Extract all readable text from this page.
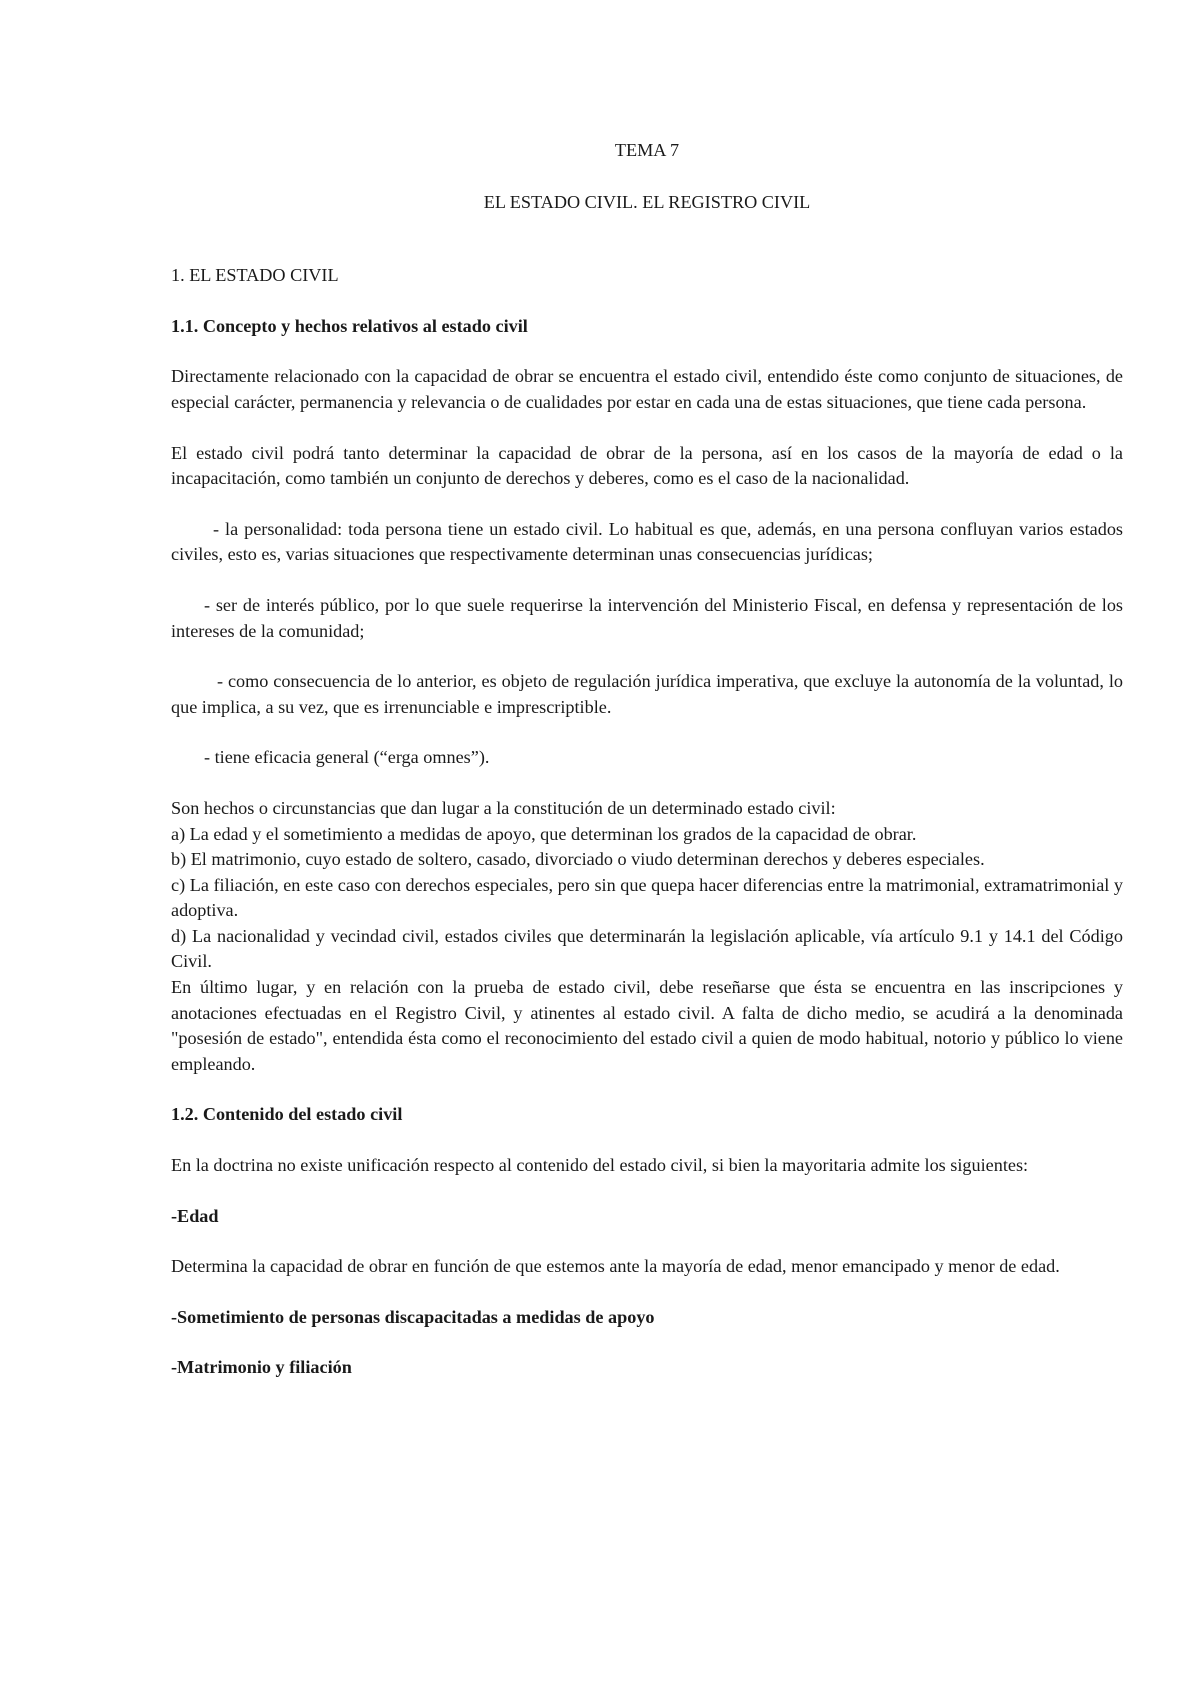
TEMA 7

EL ESTADO CIVIL. EL REGISTRO CIVIL

1. EL ESTADO CIVIL

1.1. Concepto y hechos relativos al estado civil

Directamente relacionado con la capacidad de obrar se encuentra el estado civil, entendido éste como conjunto de situaciones, de especial carácter, permanencia y relevancia o de cualidades por estar en cada una de estas situaciones, que tiene cada persona.

El estado civil podrá tanto determinar la capacidad de obrar de la persona, así en los casos de la mayoría de edad o la incapacitación, como también un conjunto de derechos y deberes, como es el caso de la nacionalidad.

- la personalidad: toda persona tiene un estado civil. Lo habitual es que, además, en una persona confluyan varios estados civiles, esto es, varias situaciones que respectivamente determinan unas consecuencias jurídicas;

- ser de interés público, por lo que suele requerirse la intervención del Ministerio Fiscal, en defensa y representación de los intereses de la comunidad;

- como consecuencia de lo anterior, es objeto de regulación jurídica imperativa, que excluye la autonomía de la voluntad, lo que implica, a su vez, que es irrenunciable e imprescriptible.

- tiene eficacia general (“erga omnes”).

Son hechos o circunstancias que dan lugar a la constitución de un determinado estado civil:

a) La edad y el sometimiento a medidas de apoyo, que determinan los grados de la capacidad de obrar.

b) El matrimonio, cuyo estado de soltero, casado, divorciado o viudo determinan derechos y deberes especiales.

c) La filiación, en este caso con derechos especiales, pero sin que quepa hacer diferencias entre la matrimonial, extramatrimonial y adoptiva.

d) La nacionalidad y vecindad civil, estados civiles que determinarán la legislación aplicable, vía artículo 9.1 y 14.1 del Código Civil.

En último lugar, y en relación con la prueba de estado civil, debe reseñarse que ésta se encuentra en las inscripciones y anotaciones efectuadas en el Registro Civil, y atinentes al estado civil. A falta de dicho medio, se acudirá a la denominada "posesión de estado", entendida ésta como el reconocimiento del estado civil a quien de modo habitual, notorio y público lo viene empleando.

1.2. Contenido del estado civil

En la doctrina no existe unificación respecto al contenido del estado civil, si bien la mayoritaria admite los siguientes:

-Edad

Determina la capacidad de obrar en función de que estemos ante la mayoría de edad, menor emancipado y menor de edad.

-Sometimiento de personas discapacitadas a medidas de apoyo

-Matrimonio y filiación
